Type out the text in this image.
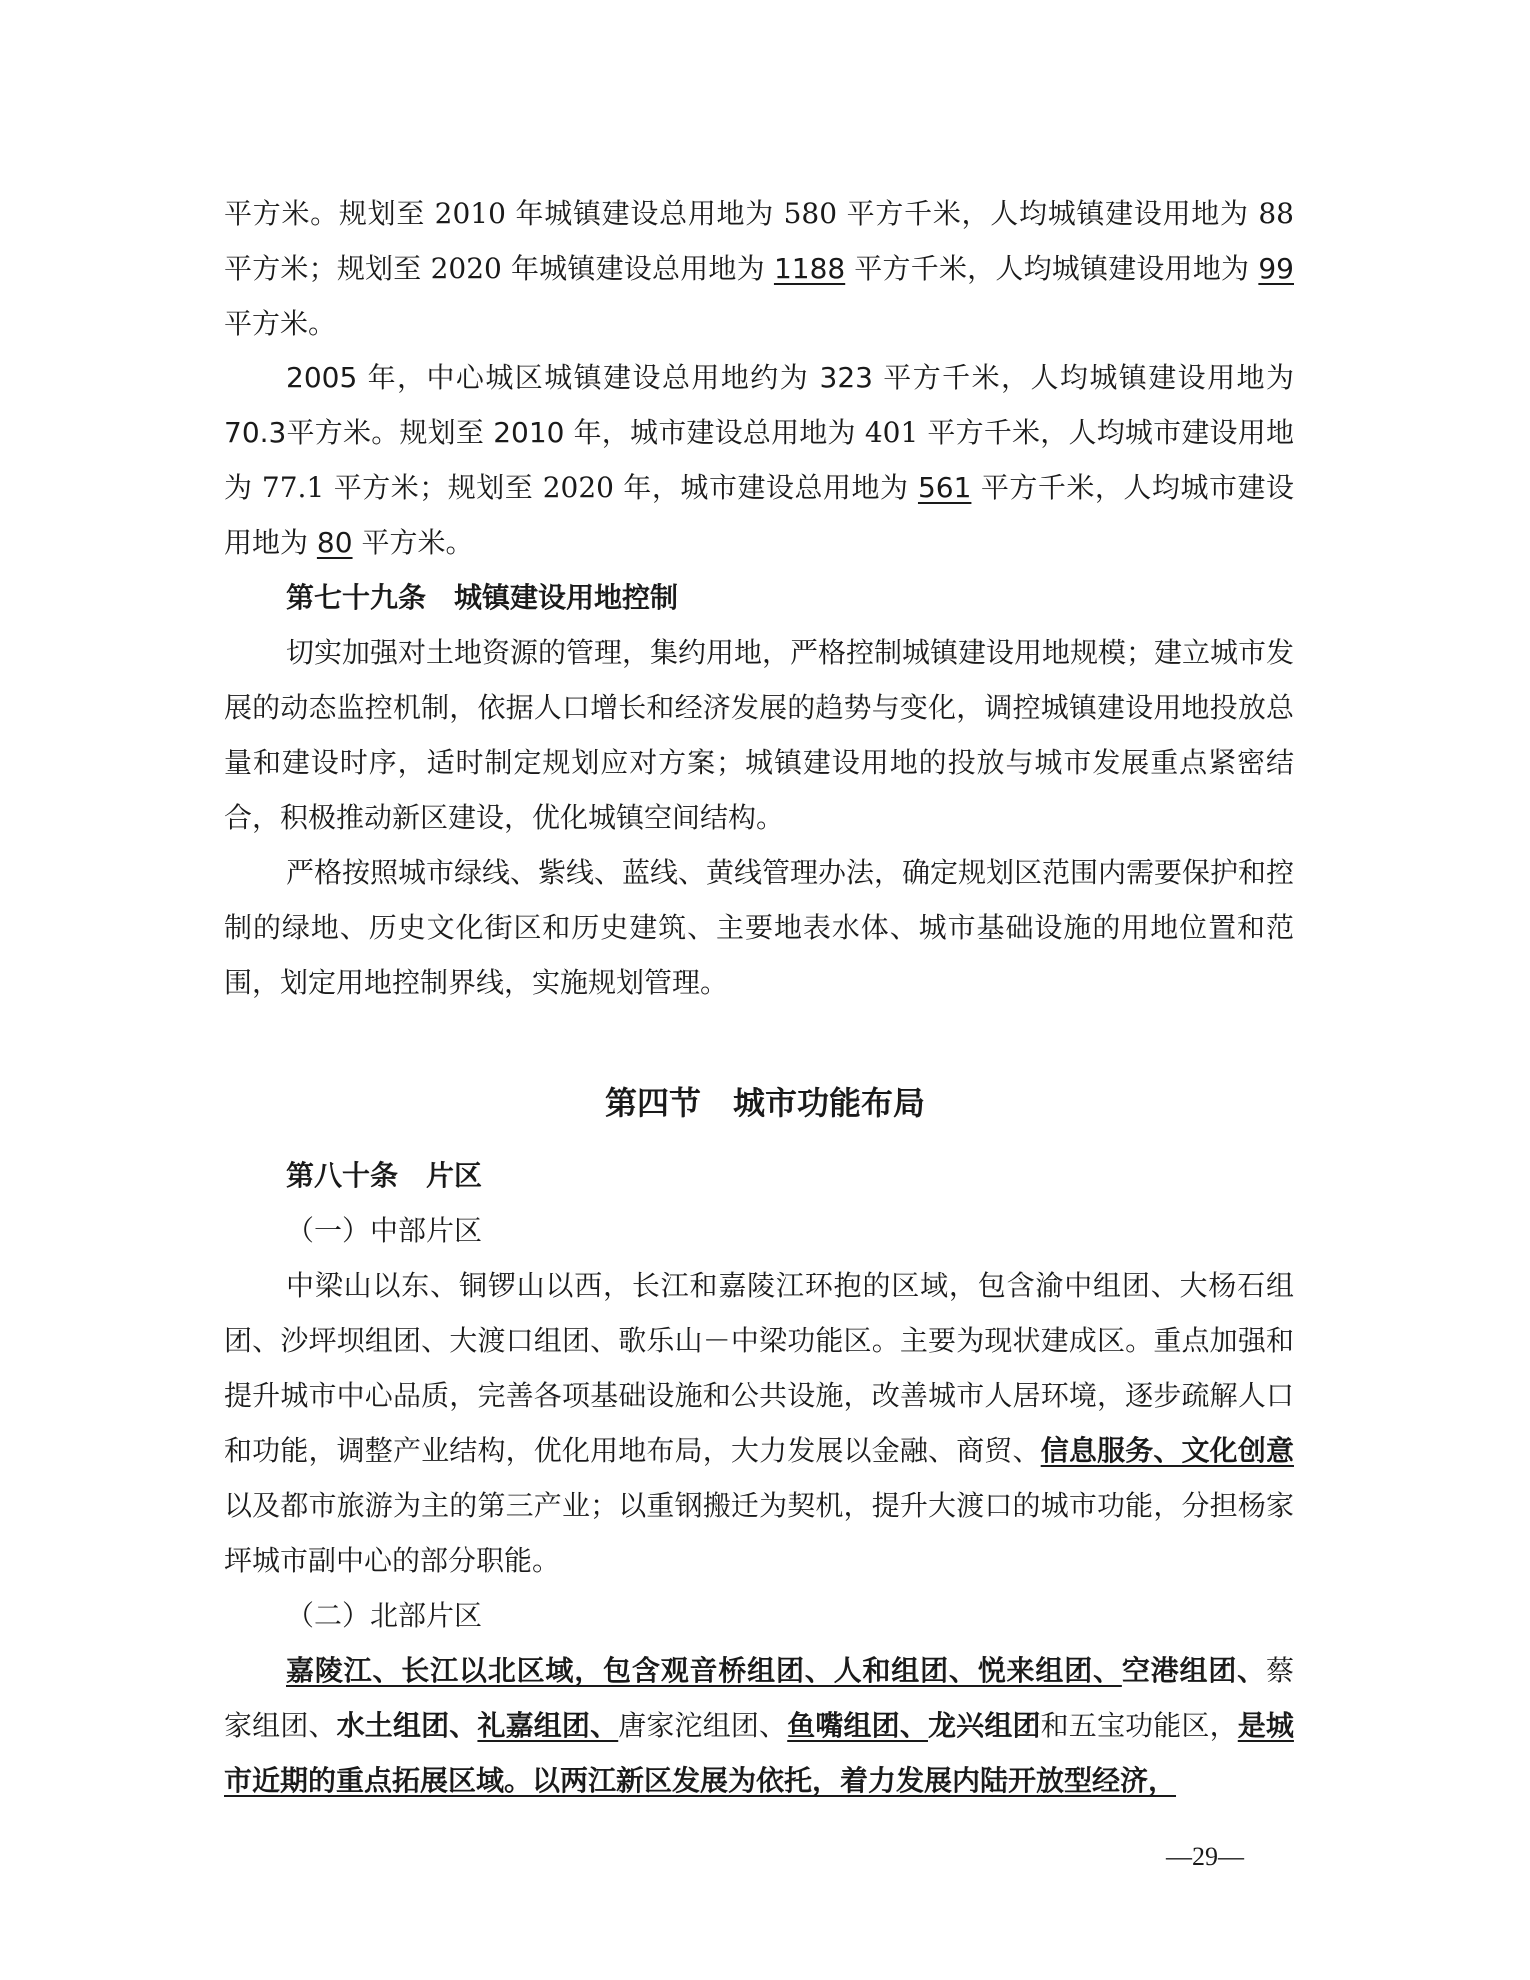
平方米。规划至 2010 年城镇建设总用地为 580 平方千米，人均城镇建设用地为 88

平方米；规划至 2020 年城镇建设总用地为 1188 平方千米，人均城镇建设用地为 99

平方米。

2005 年，中心城区城镇建设总用地约为 323 平方千米，人均城镇建设用地为

70.3平方米。规划至 2010 年，城市建设总用地为 401 平方千米，人均城市建设用地

为 77.1 平方米；规划至 2020 年，城市建设总用地为 561 平方千米，人均城市建设

用地为 80 平方米。

第七十九条　城镇建设用地控制

切实加强对土地资源的管理，集约用地，严格控制城镇建设用地规模；建立城市发展的动态监控机制，依据人口增长和经济发展的趋势与变化，调控城镇建设用地投放总量和建设时序，适时制定规划应对方案；城镇建设用地的投放与城市发展重点紧密结合，积极推动新区建设，优化城镇空间结构。

严格按照城市绿线、紫线、蓝线、黄线管理办法，确定规划区范围内需要保护和控制的绿地、历史文化街区和历史建筑、主要地表水体、城市基础设施的用地位置和范围，划定用地控制界线，实施规划管理。

第四节　城市功能布局

第八十条　片区

（一）中部片区

中梁山以东、铜锣山以西，长江和嘉陵江环抱的区域，包含渝中组团、大杨石组团、沙坪坝组团、大渡口组团、歌乐山－中梁功能区。主要为现状建成区。重点加强和提升城市中心品质，完善各项基础设施和公共设施，改善城市人居环境，逐步疏解人口和功能，调整产业结构，优化用地布局，大力发展以金融、商贸、信息服务、文化创意以及都市旅游为主的第三产业；以重钢搬迁为契机，提升大渡口的城市功能，分担杨家坪城市副中心的部分职能。

（二）北部片区

嘉陵江、长江以北区域，包含观音桥组团、人和组团、悦来组团、空港组团、蔡家组团、水土组团、礼嘉组团、唐家沱组团、鱼嘴组团、龙兴组团和五宝功能区，是城市近期的重点拓展区域。以两江新区发展为依托，着力发展内陆开放型经济，

—29—
